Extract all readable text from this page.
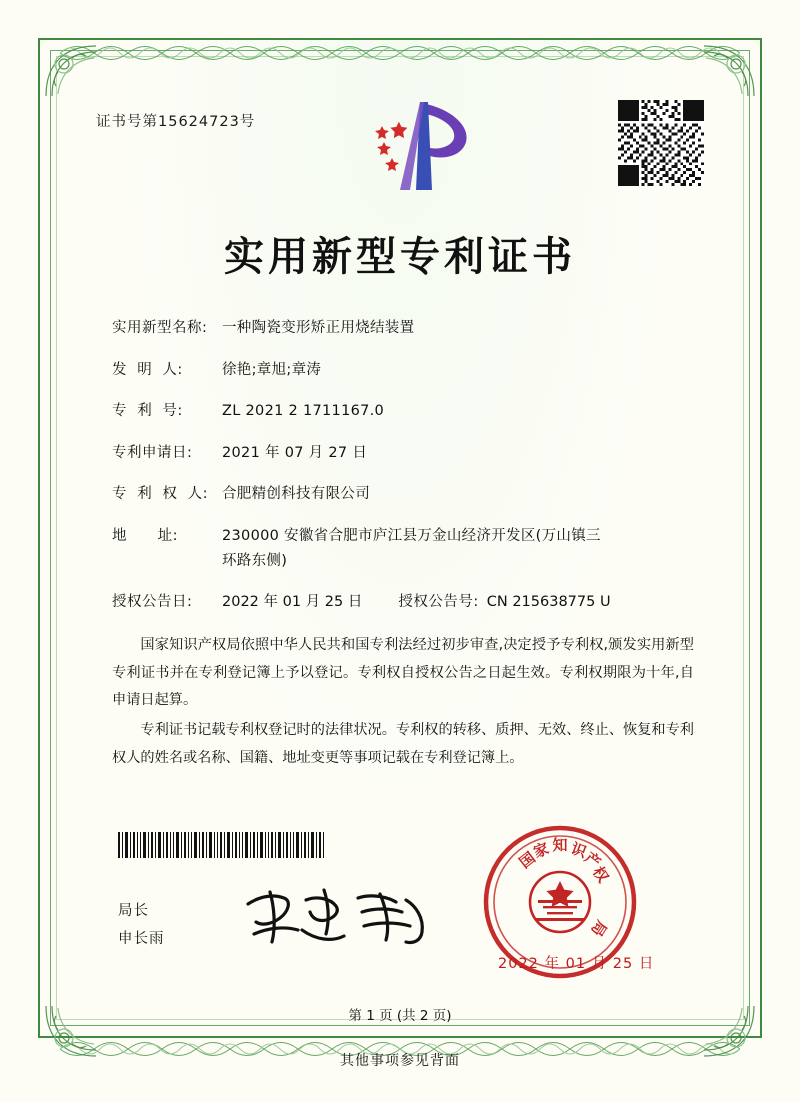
证书号第15624723号
实用新型专利证书
实用新型名称:	一种陶瓷变形矫正用烧结装置
发  明  人:	徐艳;章旭;章涛
专  利  号:	ZL 2021 2 1711167.0
专利申请日:	2021 年 07 月 27 日
专  利  权  人: 合肥精创科技有限公司
地      址:	230000 安徽省合肥市庐江县万金山经济开发区(万山镇三
环路东侧)
授权公告日:	2022 年 01 月 25 日 授权公告号: CN 215638775 U

国家知识产权局依照中华人民共和国专利法经过初步审查,决定授予专利权,颁发实用新型专利证书并在专利登记簿上予以登记。专利权自授权公告之日起生效。专利权期限为十年,自申请日起算。

专利证书记载专利权登记时的法律状况。专利权的转移、质押、无效、终止、恢复和专利权人的姓名或名称、国籍、地址变更等事项记载在专利登记簿上。

局长
申长雨
国
家 知 识
产
权
局
2022 年 01 月 25 日
第 1 页 (共 2 页)
其他事项参见背面
